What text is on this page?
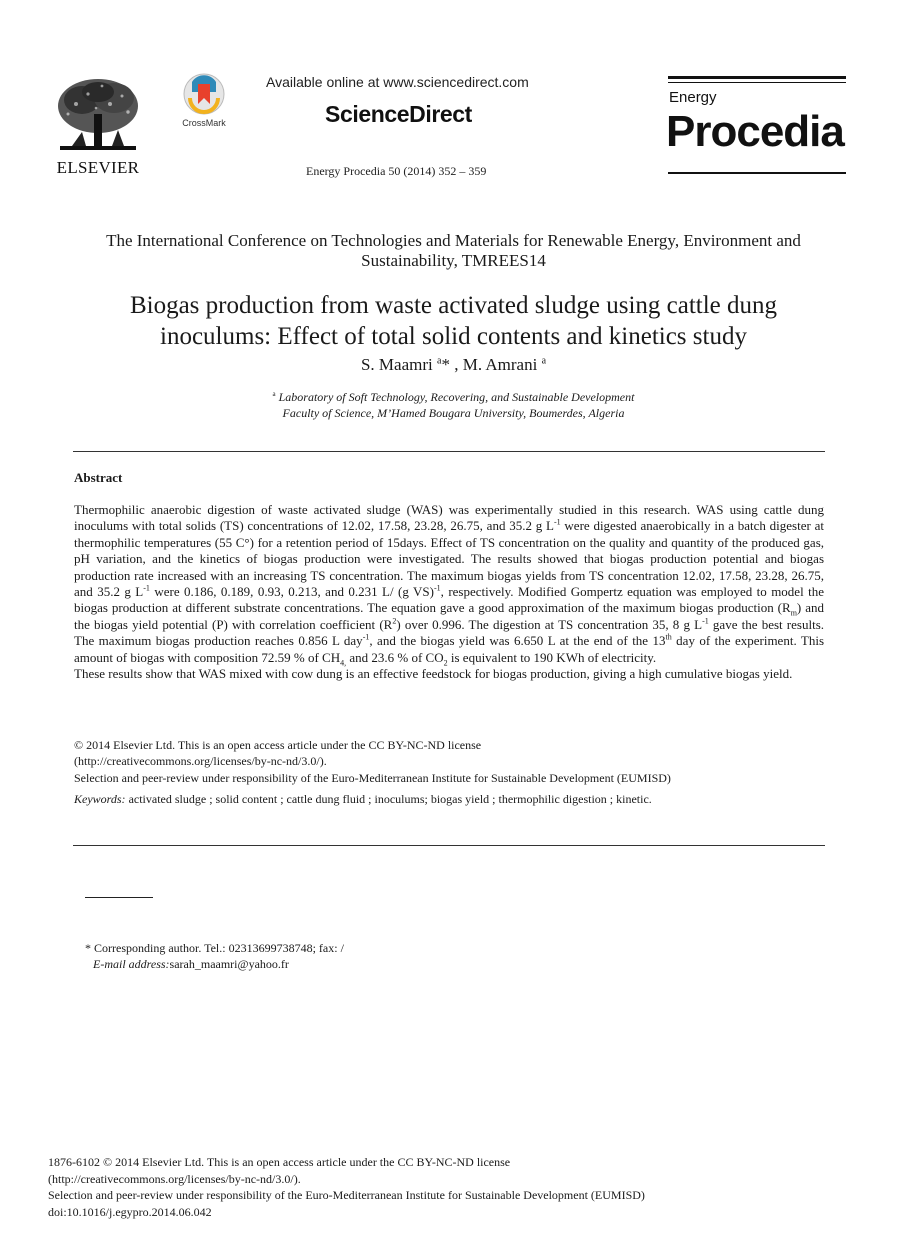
ELSEVIER
CrossMark
Available online at www.sciencedirect.com
ScienceDirect
Energy Procedia 50 (2014) 352 – 359
Energy
Procedia
The International Conference on Technologies and Materials for Renewable Energy, Environment and Sustainability, TMREES14
Biogas production from waste activated sludge using cattle dung
inoculums: Effect of total solid contents and kinetics study
S. Maamri $^a$* , M. Amrani $^a$
$^a$ Laboratory of Soft Technology, Recovering, and Sustainable Development
Faculty of Science, M’Hamed Bougara University, Boumerdes, Algeria
Abstract

Thermophilic anaerobic digestion of waste activated sludge (WAS) was experimentally studied in this research. WAS using cattle dung inoculums with total solids (TS) concentrations of 12.02, 17.58, 23.28, 26.75, and 35.2 g $L^{-1}$ were digested anaerobically in a batch digester at thermophilic temperatures (55 C°) for a retention period of 15days. Effect of TS concentration on the quality and quantity of the produced gas, pH variation, and the kinetics of biogas production were investigated. The results showed that biogas production potential and biogas production rate increased with an increasing TS concentration. The maximum biogas yields from TS concentration 12.02, 17.58, 23.28, 26.75, and 35.2 g $L^{-1}$ were 0.186, 0.189, 0.93, 0.213, and 0.231 L/ (g VS)$^{-1}$, respectively. Modified Gompertz equation was employed to model the biogas production at different substrate concentrations. The equation gave a good approximation of the maximum biogas production $(R_m)$ and the biogas yield potential (P) with correlation coefficient $(R^2)$ over 0.996. The digestion at TS concentration 35, 8 g $L^{-1}$ gave the best results. The maximum biogas production reaches 0.856 L day$^{-1}$, and the biogas yield was 6.650 L at the end of the 13th day of the experiment. This amount of biogas with composition 72.59 % of $CH_{4,}$ and 23.6 % of $CO_2$ is equivalent to 190 KWh of electricity.

These results show that WAS mixed with cow dung is an effective feedstock for biogas production, giving a high cumulative biogas yield.

© 2014 Elsevier Ltd. This is an open access article under the CC BY-NC-ND license

(http://creativecommons.org/licenses/by-nc-nd/3.0/).

Selection and peer-review under responsibility of the Euro-Mediterranean Institute for Sustainable Development (EUMISD)

Keywords: activated sludge ; solid content ; cattle dung fluid ; inoculums; biogas yield ; thermophilic digestion ; kinetic.
* Corresponding author. Tel.: 02313699738748; fax: /
E-mail address:sarah_maamri@yahoo.fr

1876-6102 © 2014 Elsevier Ltd. This is an open access article under the CC BY-NC-ND license

(http://creativecommons.org/licenses/by-nc-nd/3.0/).

Selection and peer-review under responsibility of the Euro-Mediterranean Institute for Sustainable Development (EUMISD)

doi:10.1016/j.egypro.2014.06.042
